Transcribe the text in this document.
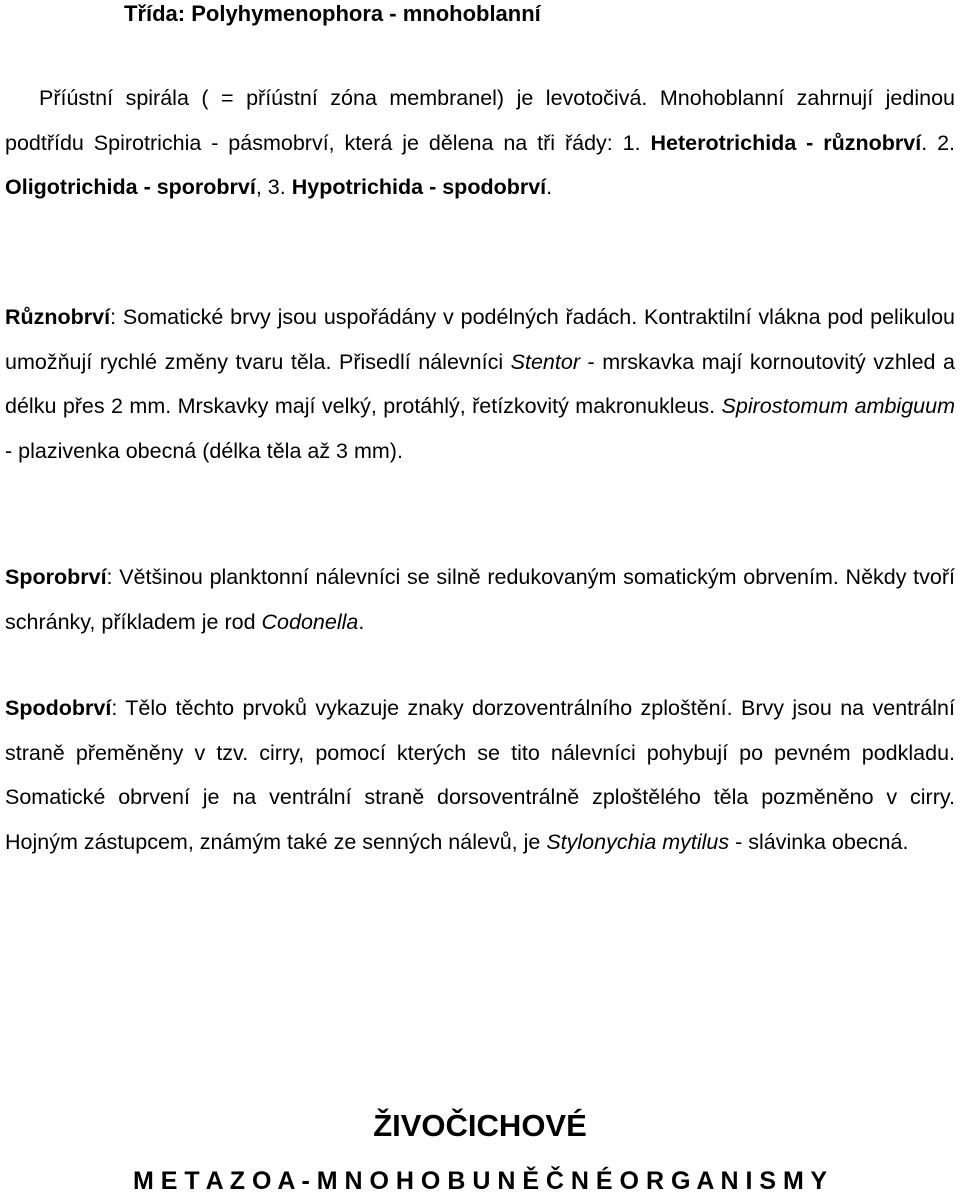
Třída: Polyhymenophora - mnohoblanní

Příústní spirála ( = příústní zóna membranel) je levotočivá. Mnohoblanní zahrnují jedinou podtřídu Spirotrichia - pásmobrví, která je dělena na tři řády: 1. Heterotrichida - různobrví. 2. Oligotrichida - sporobrví, 3. Hypotrichida - spodobrví.

Různobrví: Somatické brvy jsou uspořádány v podélných řadách. Kontraktilní vlákna pod pelikulou umožňují rychlé změny tvaru těla. Přisedlí nálevníci Stentor - mrskavka mají kornoutovitý vzhled a délku přes 2 mm. Mrskavky mají velký, protáhlý, řetízkovitý makronukleus. Spirostomum ambiguum - plazivenka obecná (délka těla až 3 mm).

Sporobrví: Většinou planktonní nálevníci se silně redukovaným somatickým obrvením. Někdy tvoří schránky, příkladem je rod Codonella.

Spodobrví: Tělo těchto prvoků vykazuje znaky dorzoventrálního zploštění. Brvy jsou na ventrální straně přeměněny v tzv. cirry, pomocí kterých se tito nálevníci pohybují po pevném podkladu. Somatické obrvení je na ventrální straně dorsoventrálně zploštělého těla pozměněno v cirry. Hojným zástupcem, známým také ze senných nálevů, je Stylonychia mytilus - slávinka obecná.

ŽIVOČICHOVÉ

M E T A Z O A - M N O H O B U N Ě Č N É O R G A N I S M Y
